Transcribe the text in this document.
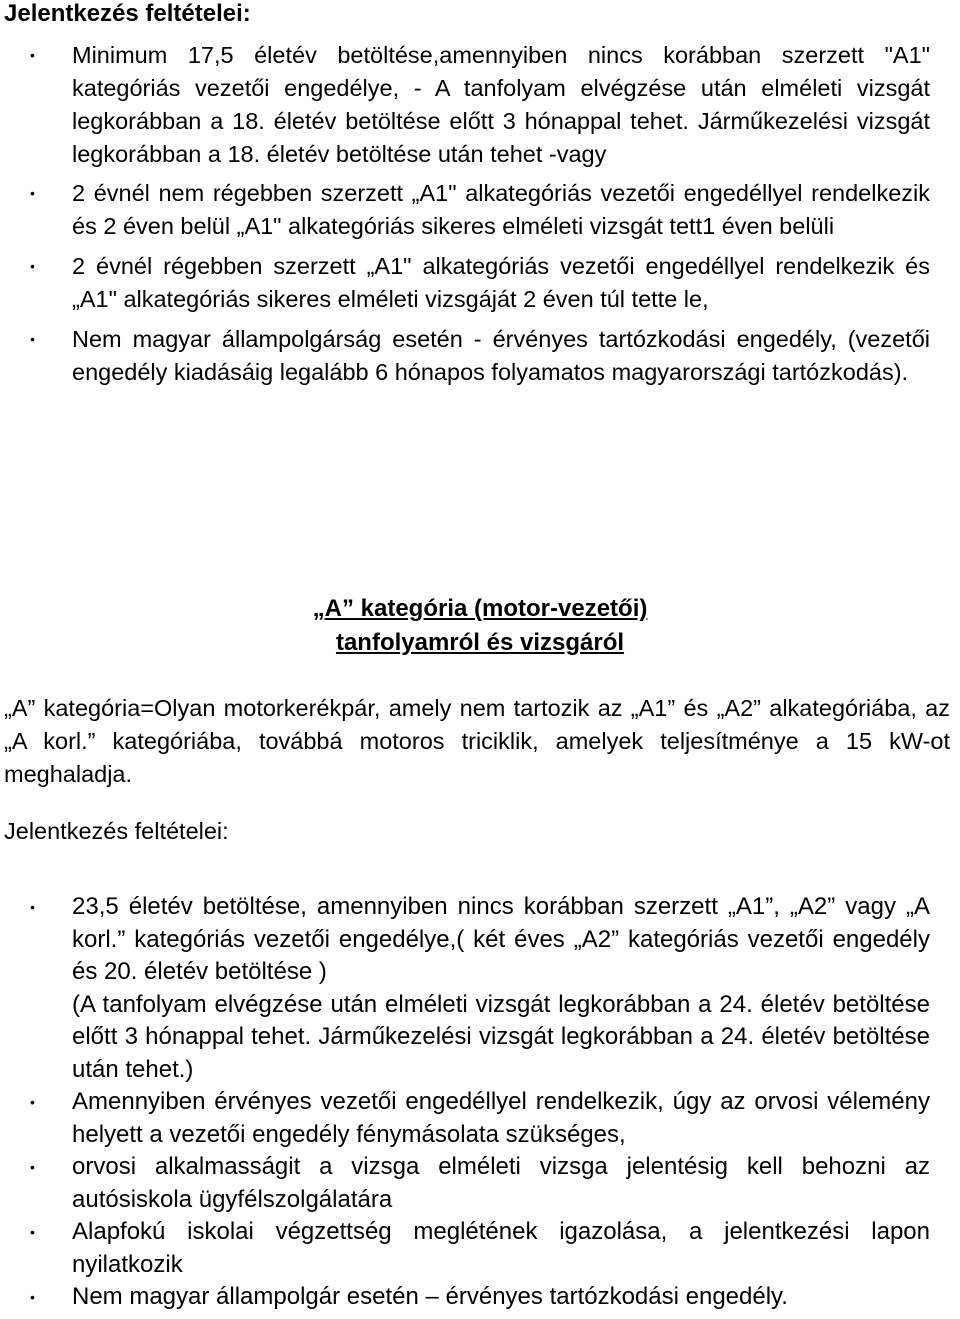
Jelentkezés feltételei:
•	Minimum 17,5 életév betöltése,amennyiben nincs korábban szerzett "A1" kategóriás vezetői engedélye, - A tanfolyam elvégzése után elméleti vizsgát legkorábban a 18. életév betöltése előtt 3 hónappal tehet. Járműkezelési vizsgát legkorábban a 18. életév betöltése után tehet -vagy
•	2 évnél nem régebben szerzett „A1" alkategóriás vezetői engedéllyel rendelkezik és 2 éven belül „A1" alkategóriás sikeres elméleti vizsgát tett1 éven belüli
•	2 évnél régebben szerzett „A1" alkategóriás vezetői engedéllyel rendelkezik és „A1" alkategóriás sikeres elméleti vizsgáját 2 éven túl tette le,
•	Nem magyar állampolgárság esetén - érvényes tartózkodási engedély, (vezetői engedély kiadásáig legalább 6 hónapos folyamatos magyarországi tartózkodás).
„A” kategória (motor-vezetői)
tanfolyamról és vizsgáról

„A” kategória=Olyan motorkerékpár, amely nem tartozik az „A1” és „A2” alkategóriába, az „A korl.” kategóriába, továbbá motoros triciklik, amelyek teljesítménye a 15 kW-ot meghaladja.

Jelentkezés feltételei:

•	23,5 életév betöltése, amennyiben nincs korábban szerzett „A1”, „A2” vagy „A korl.” kategóriás vezetői engedélye,( két éves „A2” kategóriás vezetői engedély és 20. életév betöltése )
(A tanfolyam elvégzése után elméleti vizsgát legkorábban a 24. életév betöltése előtt 3 hónappal tehet. Járműkezelési vizsgát legkorábban a 24. életév betöltése után tehet.)
•	Amennyiben érvényes vezetői engedéllyel rendelkezik, úgy az orvosi vélemény helyett a vezetői engedély fénymásolata szükséges,
•	orvosi alkalmasságit a vizsga elméleti vizsga jelentésig kell behozni az autósiskola ügyfélszolgálatára
•	Alapfokú iskolai végzettség meglétének igazolása, a jelentkezési lapon nyilatkozik
•	Nem magyar állampolgár esetén – érvényes tartózkodási engedély.
